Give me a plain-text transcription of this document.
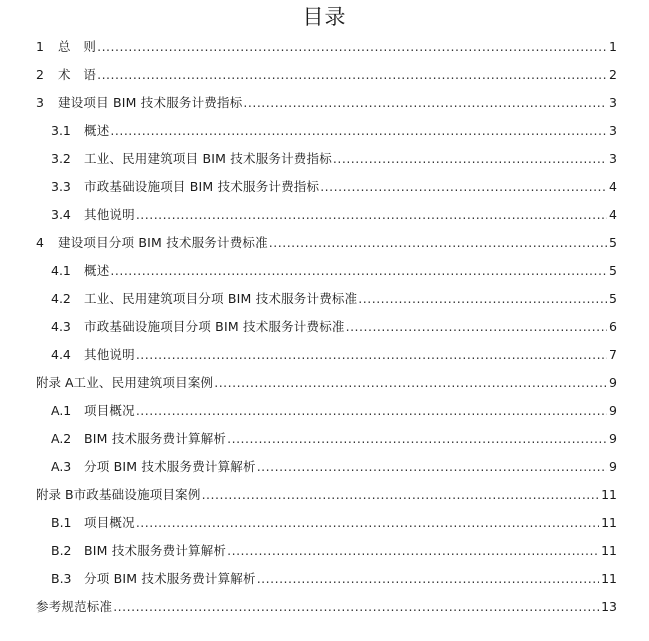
目录
1	总　则 .....	1
2	术　语 .....	2
3	建设项目 BIM 技术服务计费指标 .....	3
3.1	概述 .....	3
3.2	工业、民用建筑项目 BIM 技术服务计费指标 .....	3
3.3	市政基础设施项目 BIM 技术服务计费指标 .....	4
3.4	其他说明 .....	4
4	建设项目分项 BIM 技术服务计费标准 .....	5
4.1	概述 .....	5
4.2	工业、民用建筑项目分项 BIM 技术服务计费标准 .....	5
4.3	市政基础设施项目分项 BIM 技术服务计费标准 .....	6
4.4	其他说明 .....	7
附录 A 工业、民用建筑项目案例 .....	9
A.1	项目概况 .....	9
A.2	BIM 技术服务费计算解析 .....	9
A.3	分项 BIM 技术服务费计算解析 .....	9
附录 B 市政基础设施项目案例 .....	11
B.1 项目概况 .....	11
B.2 BIM 技术服务费计算解析 .....	11
B.3 分项 BIM 技术服务费计算解析 .....	11
参考规范标准 .....	13
